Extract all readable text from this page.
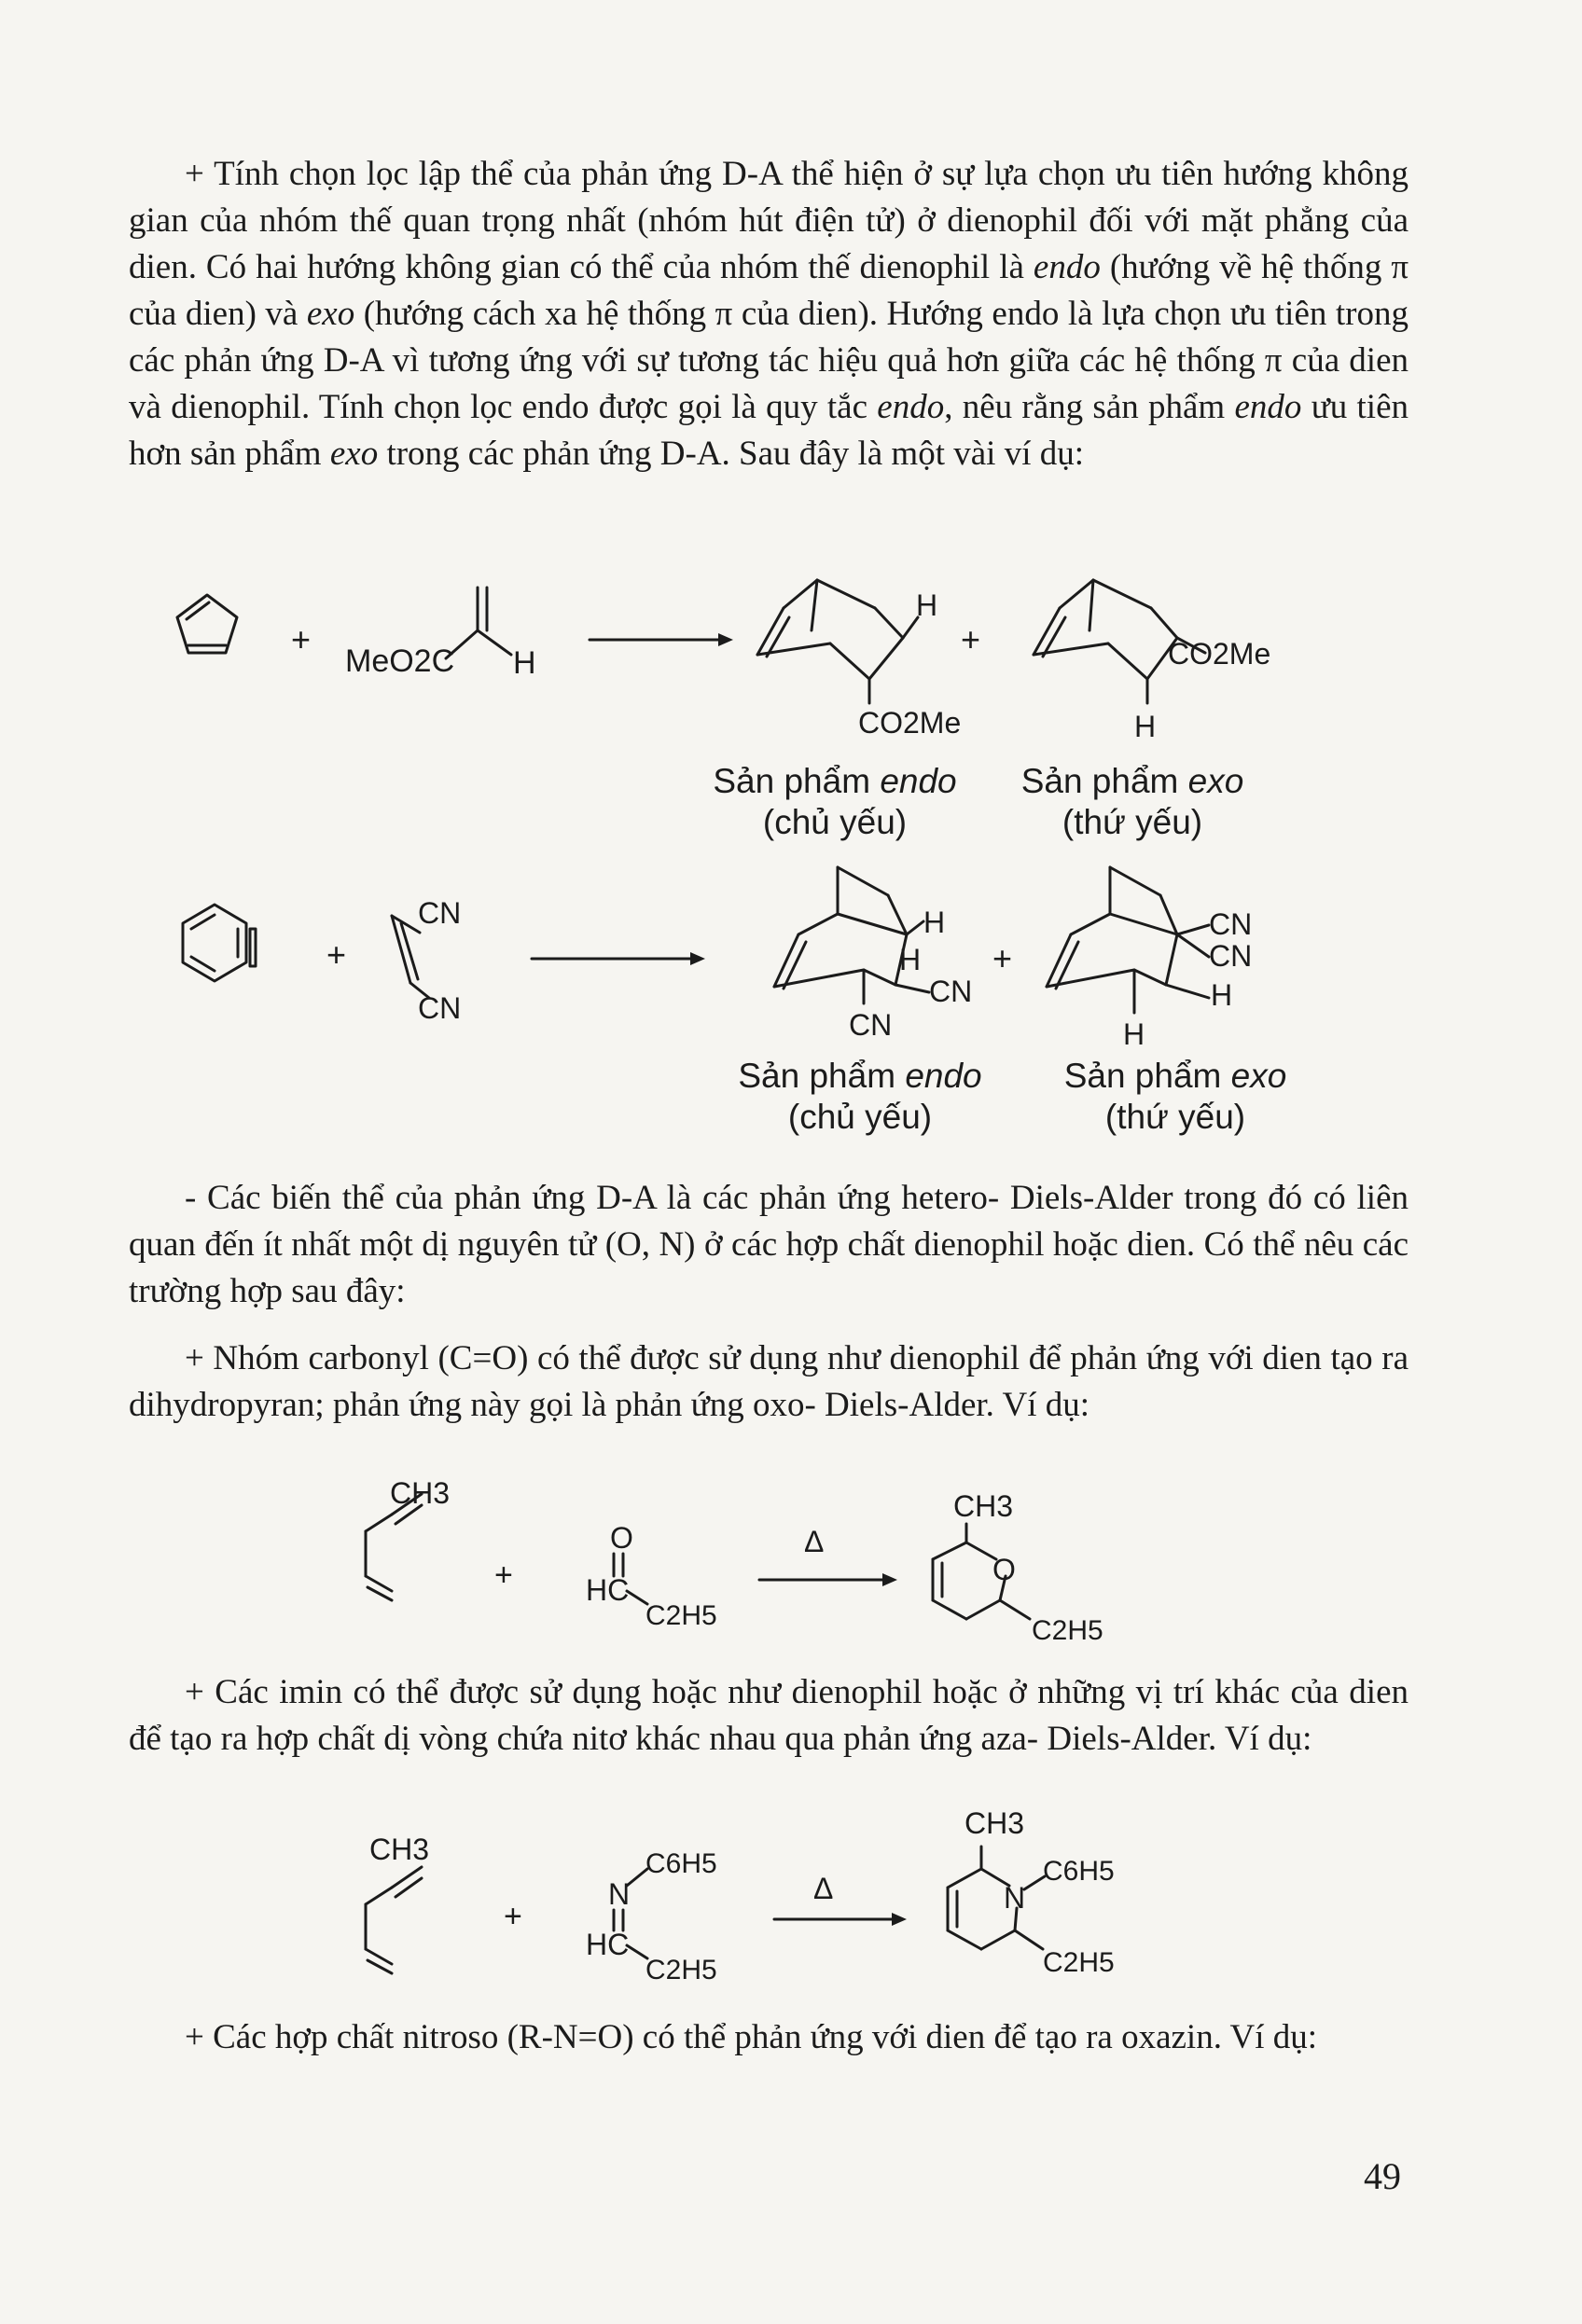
+ Tính chọn lọc lập thể của phản ứng D-A thể hiện ở sự lựa chọn ưu tiên hướng không gian của nhóm thế quan trọng nhất (nhóm hút điện tử) ở dienophil đối với mặt phẳng của dien. Có hai hướng không gian có thể của nhóm thế dienophil là endo (hướng về hệ thống π của dien) và exo (hướng cách xa hệ thống π của dien). Hướng endo là lựa chọn ưu tiên trong các phản ứng D-A vì tương ứng với sự tương tác hiệu quả hơn giữa các hệ thống π của dien và dienophil. Tính chọn lọc endo được gọi là quy tắc endo, nêu rằng sản phẩm endo ưu tiên hơn sản phẩm exo trong các phản ứng D-A. Sau đây là một vài ví dụ:
+
MeO2C H
H
CO2Me
+	CO2Me
H
Sản phẩm endo
(chủ yếu)
Sản phẩm exo
(thứ yếu)
+
CN
CN
H
H
CN
CN
+
CN
CN
H
H
Sản phẩm endo
(chủ yếu)
Sản phẩm exo
(thứ yếu)
- Các biến thể của phản ứng D-A là các phản ứng hetero- Diels-Alder trong đó có liên quan đến ít nhất một dị nguyên tử (O, N) ở các hợp chất dienophil hoặc dien. Có thể nêu các trường hợp sau đây:
+ Nhóm carbonyl (C=O) có thể được sử dụng như dienophil để phản ứng với dien tạo ra dihydropyran; phản ứng này gọi là phản ứng oxo- Diels-Alder. Ví dụ:
CH3
+
O
HC
C2H5
Δ
CH3
O
C2H5
+ Các imin có thể được sử dụng hoặc như dienophil hoặc ở những vị trí khác của dien để tạo ra hợp chất dị vòng chứa nitơ khác nhau qua phản ứng aza- Diels-Alder. Ví dụ:
CH3
+
N
C6H5
HC
C2H5
Δ
CH3
N
C6H5
C2H5
+ Các hợp chất nitroso (R-N=O) có thể phản ứng với dien để tạo ra oxazin. Ví dụ:
49
